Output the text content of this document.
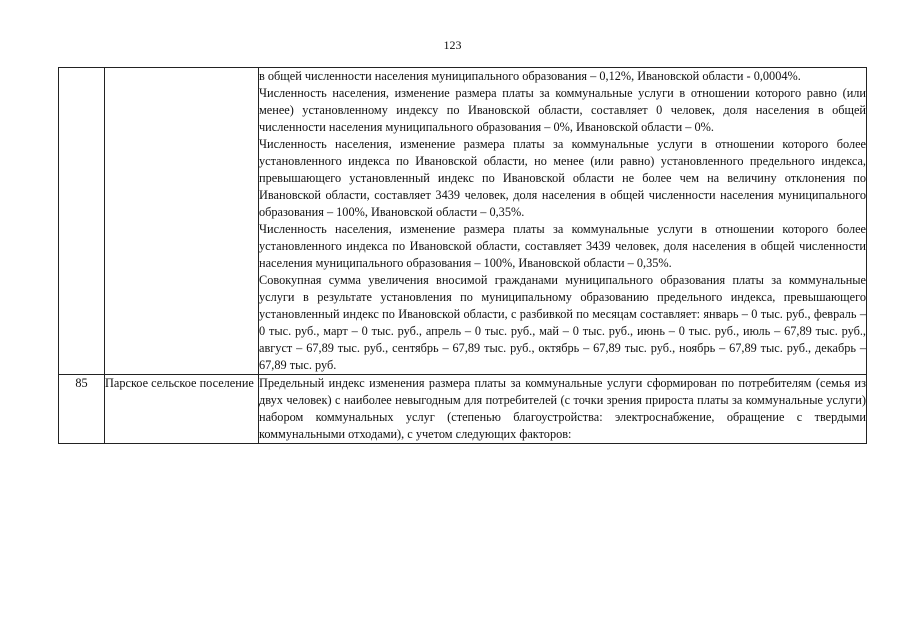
123

		в общей численности населения муниципального образования – 0,12%, Ивановской области - 0,0004%.

Численность населения, изменение размера платы за коммунальные услуги в отношении которого равно (или менее) установленному индексу по Ивановской области, составляет 0 человек, доля населения в общей численности населения муниципального образования – 0%, Ивановской области – 0%.

Численность населения, изменение размера платы за коммунальные услуги в отношении которого более установленного индекса по Ивановской области, но менее (или равно) установленного предельного индекса, превышающего установленный индекс по Ивановской области не более чем на величину отклонения по Ивановской области, составляет 3439 человек, доля населения в общей численности населения муниципального образования – 100%, Ивановской области – 0,35%.

Численность населения, изменение размера платы за коммунальные услуги в отношении которого более установленного индекса по Ивановской области, составляет 3439 человек, доля населения в общей численности населения муниципального образования – 100%, Ивановской области – 0,35%.

Совокупная сумма увеличения вносимой гражданами муниципального образования платы за коммунальные услуги в результате установления по муниципальному образованию предельного индекса, превышающего установленный индекс по Ивановской области, с разбивкой по месяцам составляет: январь – 0 тыс. руб., февраль – 0 тыс. руб., март – 0 тыс. руб., апрель – 0 тыс. руб., май – 0 тыс. руб., июнь – 0 тыс. руб., июль – 67,89 тыс. руб., август – 67,89 тыс. руб., сентябрь – 67,89 тыс. руб., октябрь – 67,89 тыс. руб., ноябрь – 67,89 тыс. руб., декабрь – 67,89 тыс. руб.

85	Парское сельское поселение	Предельный индекс изменения размера платы за коммунальные услуги сформирован по потребителям (семья из двух человек) с наиболее невыгодным для потребителей (с точки зрения прироста платы за коммунальные услуги) набором коммунальных услуг (степенью благоустройства: электроснабжение, обращение с твердыми коммунальными отходами), с учетом следующих факторов:
